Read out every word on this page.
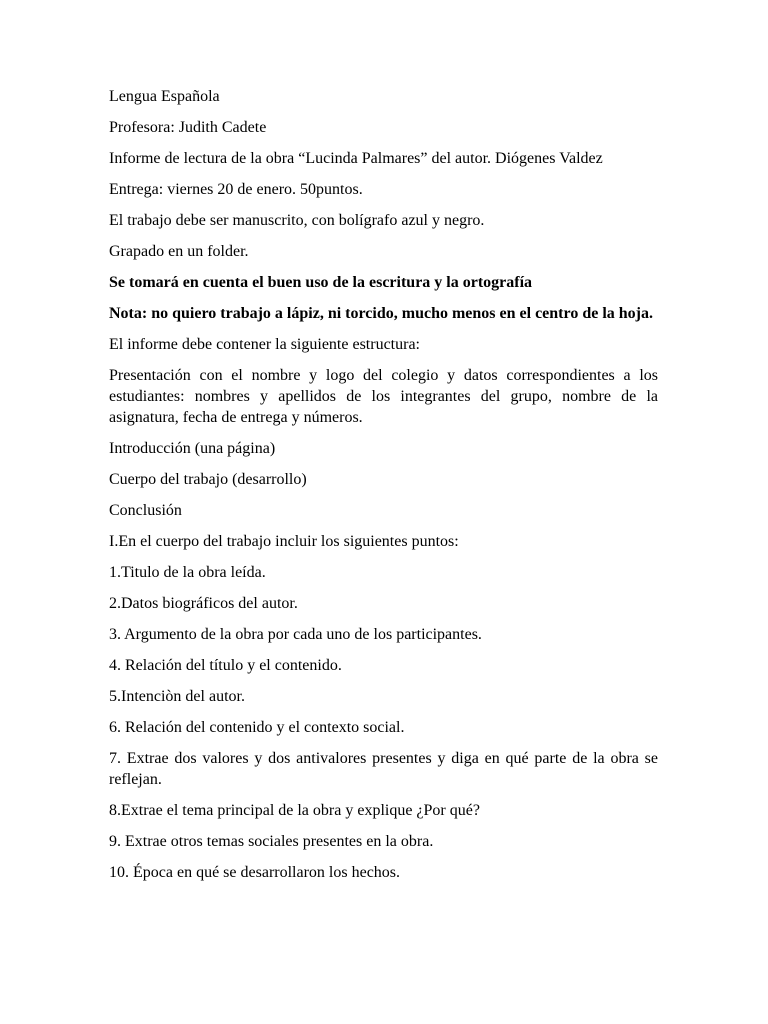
Lengua Española

Profesora: Judith Cadete

Informe de lectura de la obra “Lucinda Palmares” del autor. Diógenes Valdez

Entrega: viernes 20 de enero. 50puntos.

El trabajo debe ser manuscrito, con bolígrafo azul y negro.

Grapado en un folder.

Se tomará en cuenta el buen uso de la escritura y la ortografía

Nota: no quiero trabajo a lápiz, ni torcido, mucho menos en el centro de la hoja.

El informe debe contener la siguiente estructura:

Presentación con el nombre y logo del colegio y datos correspondientes a los estudiantes: nombres y apellidos de los integrantes del grupo, nombre de la asignatura, fecha de entrega y números.

Introducción (una página)

Cuerpo del trabajo (desarrollo)

Conclusión

I.En el cuerpo del trabajo incluir los siguientes puntos:

1.Titulo de la obra leída.

2.Datos biográficos del autor.

3. Argumento de la obra por cada uno de los participantes.

4. Relación del título y el contenido.

5.Intenciòn del autor.

6. Relación del contenido y el contexto social.

7. Extrae dos valores y dos antivalores presentes y diga en qué parte de la obra se reflejan.

8.Extrae el tema principal de la obra y explique ¿Por qué?

9. Extrae otros temas sociales presentes en la obra.

10. Época en qué se desarrollaron los hechos.
